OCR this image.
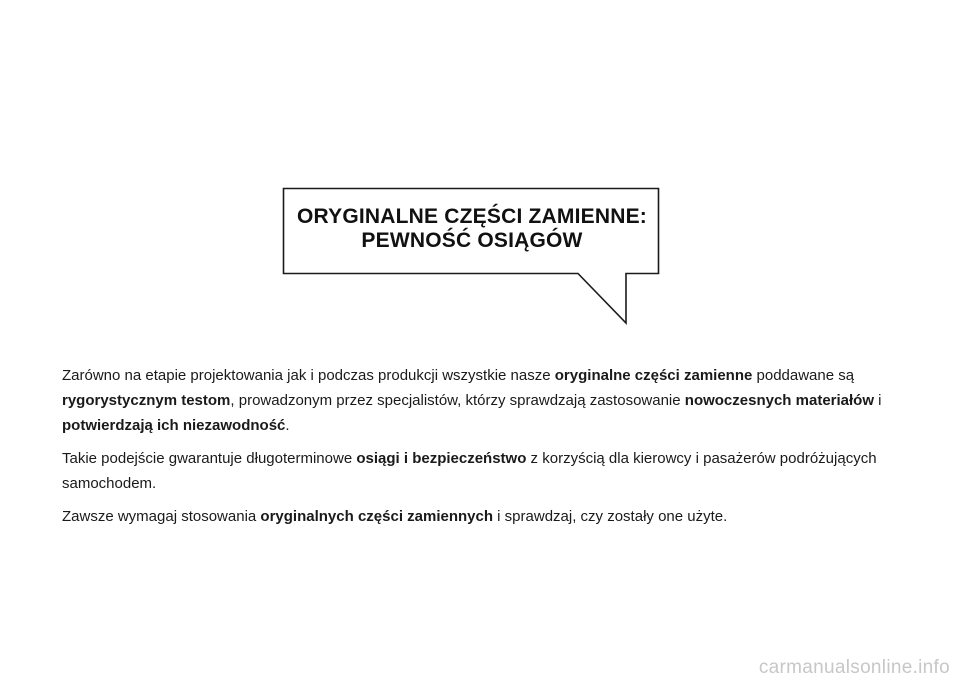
ORYGINALNE CZĘŚCI ZAMIENNE:
PEWNOŚĆ OSIĄGÓW

Zarówno na etapie projektowania jak i podczas produkcji wszystkie nasze oryginalne części zamienne poddawane są rygorystycznym testom, prowadzonym przez specjalistów, którzy sprawdzają zastosowanie nowoczesnych materiałów i potwierdzają ich niezawodność.

Takie podejście gwarantuje długoterminowe osiągi i bezpieczeństwo z korzyścią dla kierowcy i pasażerów podróżujących samochodem.

Zawsze wymagaj stosowania oryginalnych części zamiennych i sprawdzaj, czy zostały one użyte.

carmanualsonline.info
